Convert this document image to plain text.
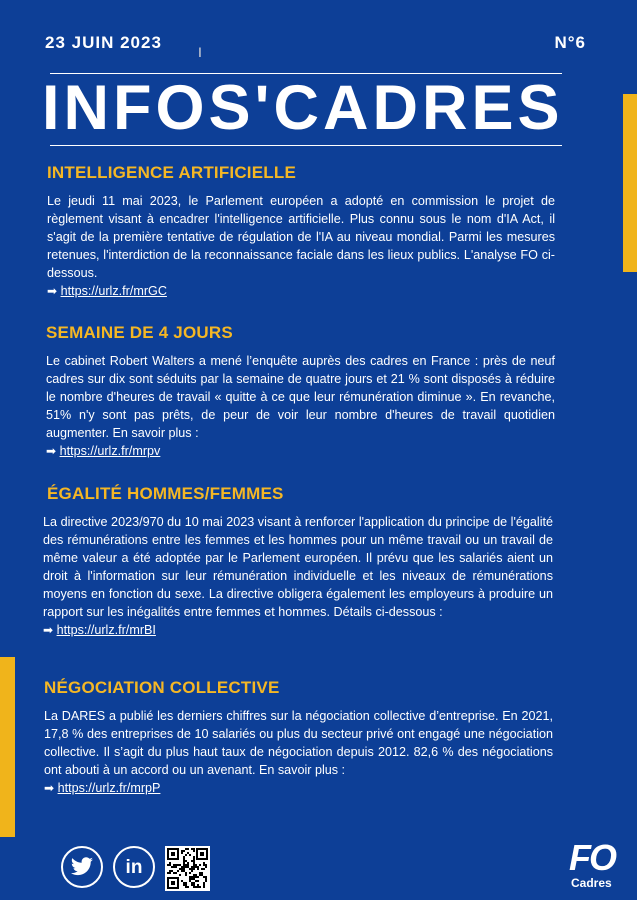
23 JUIN 2023	N°6
I
INFOS'CADRES
INTELLIGENCE ARTIFICIELLE

Le jeudi 11 mai 2023, le Parlement européen a adopté en commission le projet de règlement visant à encadrer l'intelligence artificielle. Plus connu sous le nom d'IA Act, il s'agit de la première tentative de régulation de l'IA au niveau mondial. Parmi les mesures retenues, l'interdiction de la reconnaissance faciale dans les lieux publics. L'analyse FO ci-dessous.

➡ https://urlz.fr/mrGC

SEMAINE DE 4 JOURS

Le cabinet Robert Walters a mené l’enquête auprès des cadres en France : près de neuf cadres sur dix sont séduits par la semaine de quatre jours et 21 % sont disposés à réduire le nombre d'heures de travail « quitte à ce que leur rémunération diminue ». En revanche, 51% n'y sont pas prêts, de peur de voir leur nombre d'heures de travail quotidien augmenter. En savoir plus :

➡ https://urlz.fr/mrpv

ÉGALITÉ HOMMES/FEMMES

La directive 2023/970 du 10 mai 2023 visant à renforcer l'application du principe de l'égalité des rémunérations entre les femmes et les hommes pour un même travail ou un travail de même valeur a été adoptée par le Parlement européen. Il prévu que les salariés aient un droit à l'information sur leur rémunération individuelle et les niveaux de rémunérations moyens en fonction du sexe. La directive obligera également les employeurs à produire un rapport sur les inégalités entre femmes et hommes. Détails ci-dessous :

➡ https://urlz.fr/mrBI

NÉGOCIATION COLLECTIVE

La DARES a publié les derniers chiffres sur la négociation collective d’entreprise. En 2021, 17,8 % des entreprises de 10 salariés ou plus du secteur privé ont engagé une négociation collective. Il s’agit du plus haut taux de négociation depuis 2012. 82,6 % des négociations ont abouti à un accord ou un avenant. En savoir plus :

➡ https://urlz.fr/mrpP

in	FO
Cadres
